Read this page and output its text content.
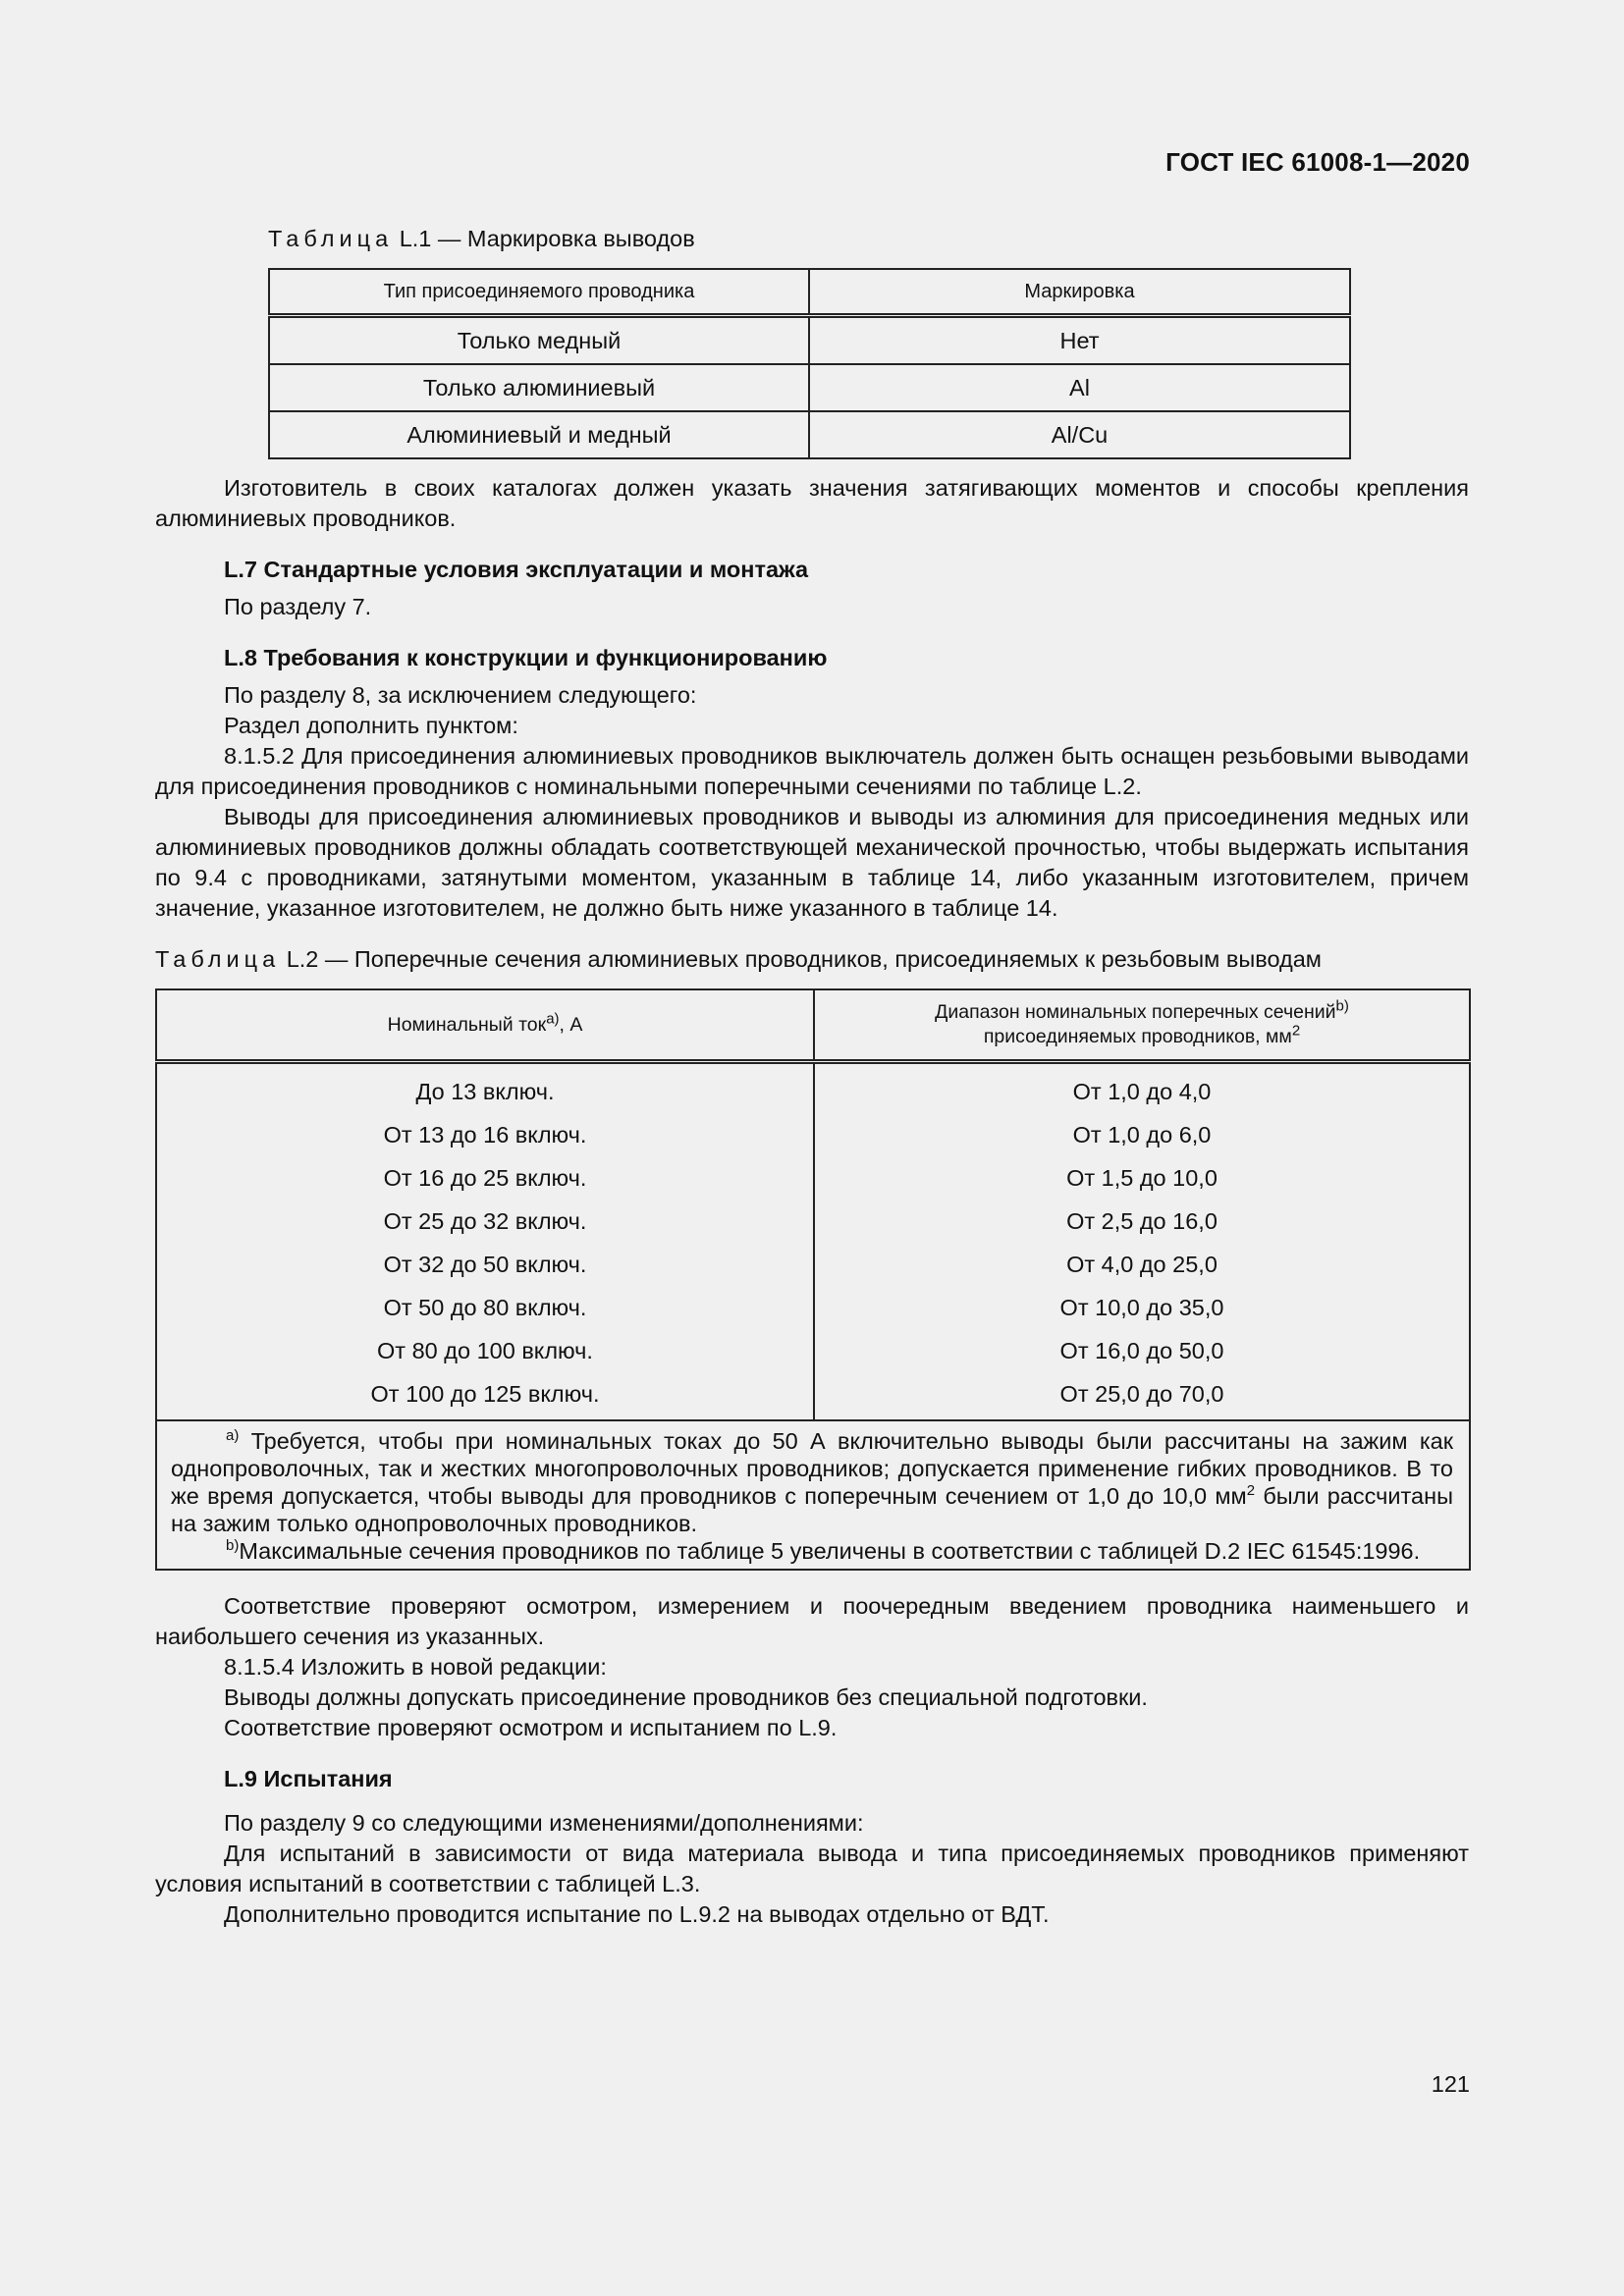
ГОСТ IEC 61008-1—2020

Таблица L.1 — Маркировка выводов

Тип присоединяемого проводника	Маркировка
Только медный	Нет
Только алюминиевый	Al
Алюминиевый и медный	Al/Cu

Изготовитель в своих каталогах должен указать значения затягивающих моментов и способы крепления алюминиевых проводников.

L.7 Стандартные условия эксплуатации и монтажа

По разделу 7.

L.8 Требования к конструкции и функционированию

По разделу 8, за исключением следующего:

Раздел дополнить пунктом:

8.1.5.2 Для присоединения алюминиевых проводников выключатель должен быть оснащен резьбовыми выводами для присоединения проводников с номинальными поперечными сечениями по таблице L.2.

Выводы для присоединения алюминиевых проводников и выводы из алюминия для присоединения медных или алюминиевых проводников должны обладать соответствующей механической прочностью, чтобы выдержать испытания по 9.4 с проводниками, затянутыми моментом, указанным в таблице 14, либо указанным изготовителем, причем значение, указанное изготовителем, не должно быть ниже указанного в таблице 14.

Таблица L.2 — Поперечные сечения алюминиевых проводников, присоединяемых к резьбовым выводам

Номинальный ток$^{a)}$, А	Диапазон номинальных поперечных сечений$^{b)}$
присоединяемых проводников, $мм^2$
До 13 включ.	От 1,0 до 4,0
От 13 до 16 включ.	От 1,0 до 6,0
От 16 до 25 включ.	От 1,5 до 10,0
От 25 до 32 включ.	От 2,5 до 16,0
От 32 до 50 включ.	От 4,0 до 25,0
От 50 до 80 включ.	От 10,0 до 35,0
От 80 до 100 включ.	От 16,0 до 50,0
От 100 до 125 включ.	От 25,0 до 70,0

$^{a)}$ Требуется, чтобы при номинальных токах до 50 А включительно выводы были рассчитаны на зажим как однопроволочных, так и жестких многопроволочных проводников; допускается применение гибких проводников. В то же время допускается, чтобы выводы для проводников с поперечным сечением от 1,0 до 10,0 $мм^2$ были рассчитаны на зажим только однопроволочных проводников.
$^{b)}$Максимальные сечения проводников по таблице 5 увеличены в соответствии с таблицей D.2 IEC 61545:1996.	

Соответствие проверяют осмотром, измерением и поочередным введением проводника наименьшего и наибольшего сечения из указанных.

8.1.5.4 Изложить в новой редакции:

Выводы должны допускать присоединение проводников без специальной подготовки.

Соответствие проверяют осмотром и испытанием по L.9.

L.9 Испытания

По разделу 9 со следующими изменениями/дополнениями:

Для испытаний в зависимости от вида материала вывода и типа присоединяемых проводников применяют условия испытаний в соответствии с таблицей L.3.

Дополнительно проводится испытание по L.9.2 на выводах отдельно от ВДТ.

121
